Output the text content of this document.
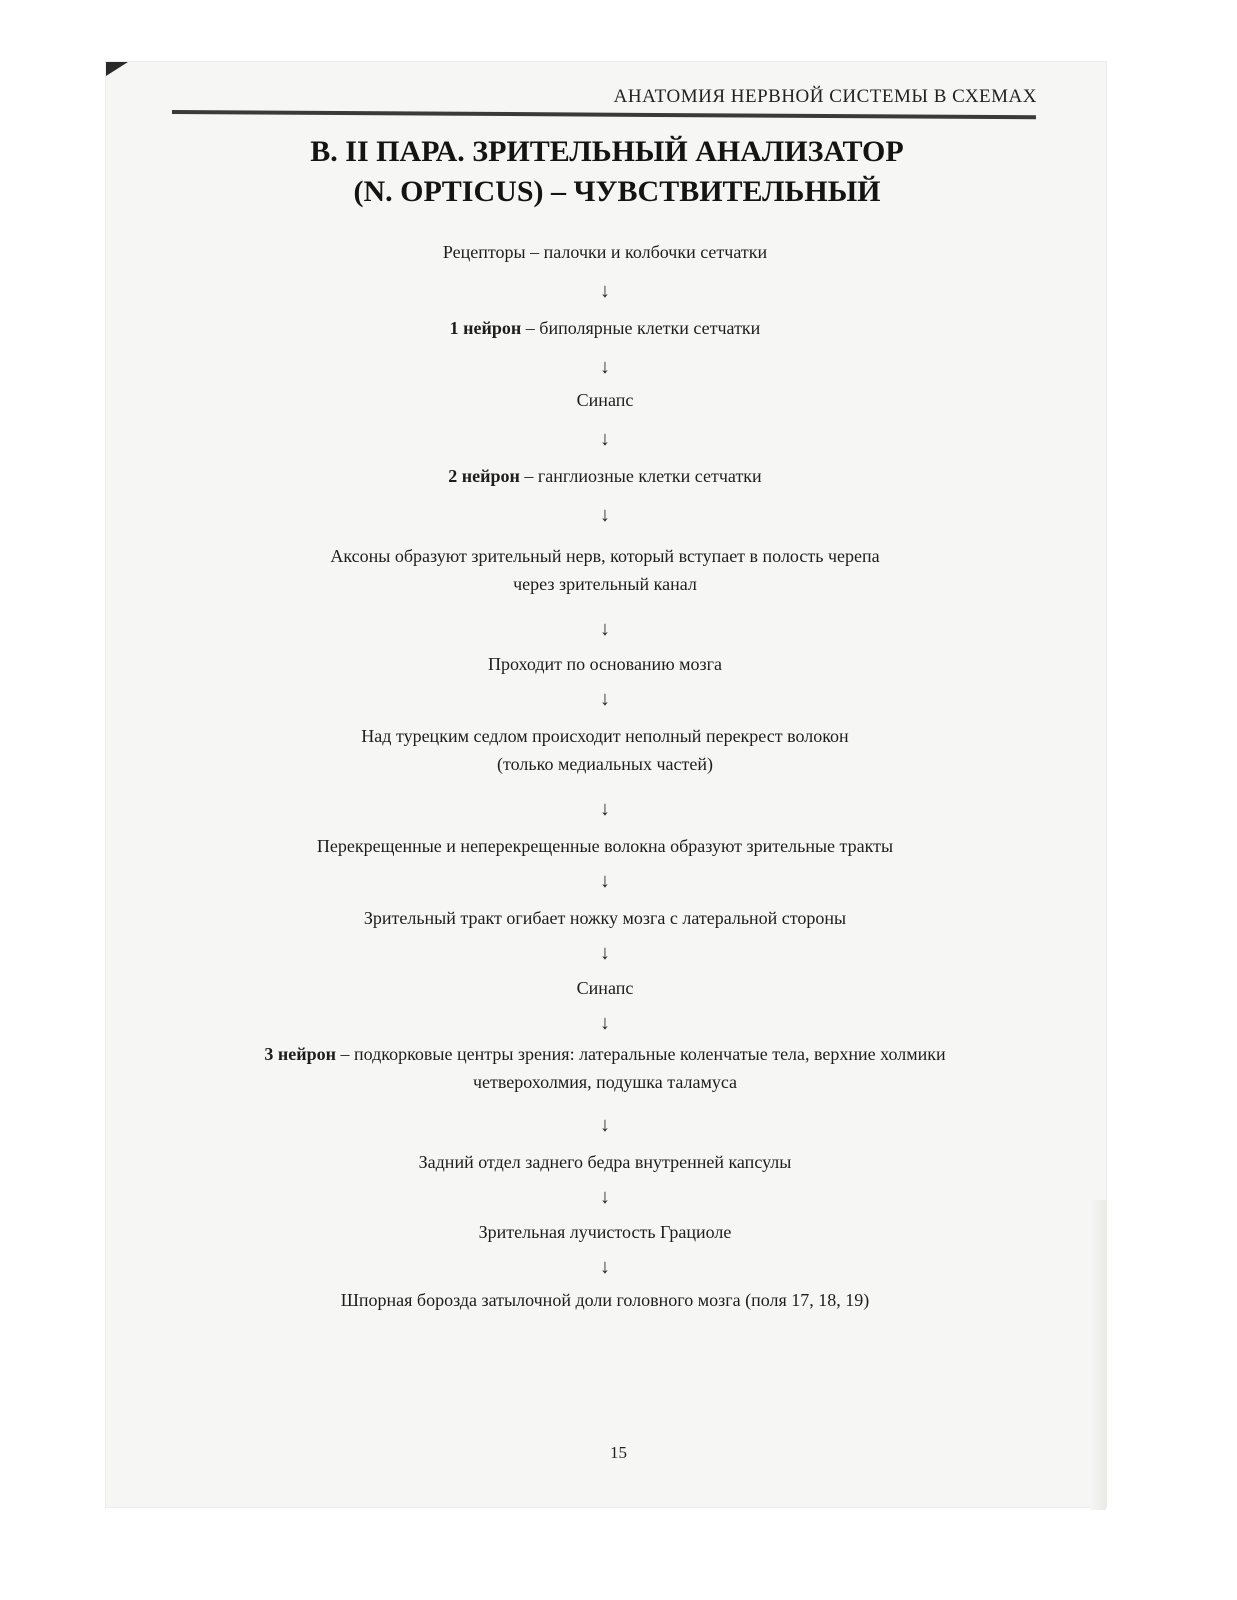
АНАТОМИЯ НЕРВНОЙ СИСТЕМЫ В СХЕМАХ
В. II ПАРА. ЗРИТЕЛЬНЫЙ АНАЛИЗАТОР
(N. OPTICUS) – ЧУВСТВИТЕЛЬНЫЙ
Рецепторы – палочки и колбочки сетчатки
↓
1 нейрон – биполярные клетки сетчатки
↓
Синапс
↓
2 нейрон – ганглиозные клетки сетчатки
↓
Аксоны образуют зрительный нерв, который вступает в полость черепа
через зрительный канал
↓
Проходит по основанию мозга
↓
Над турецким седлом происходит неполный перекрест волокон
(только медиальных частей)
↓
Перекрещенные и неперекрещенные волокна образуют зрительные тракты
↓
Зрительный тракт огибает ножку мозга с латеральной стороны
↓
Синапс
↓
3 нейрон – подкорковые центры зрения: латеральные коленчатые тела, верхние холмики
четверохолмия, подушка таламуса
↓
Задний отдел заднего бедра внутренней капсулы
↓
Зрительная лучистость Грациоле
↓
Шпорная борозда затылочной доли головного мозга (поля 17, 18, 19)
15
